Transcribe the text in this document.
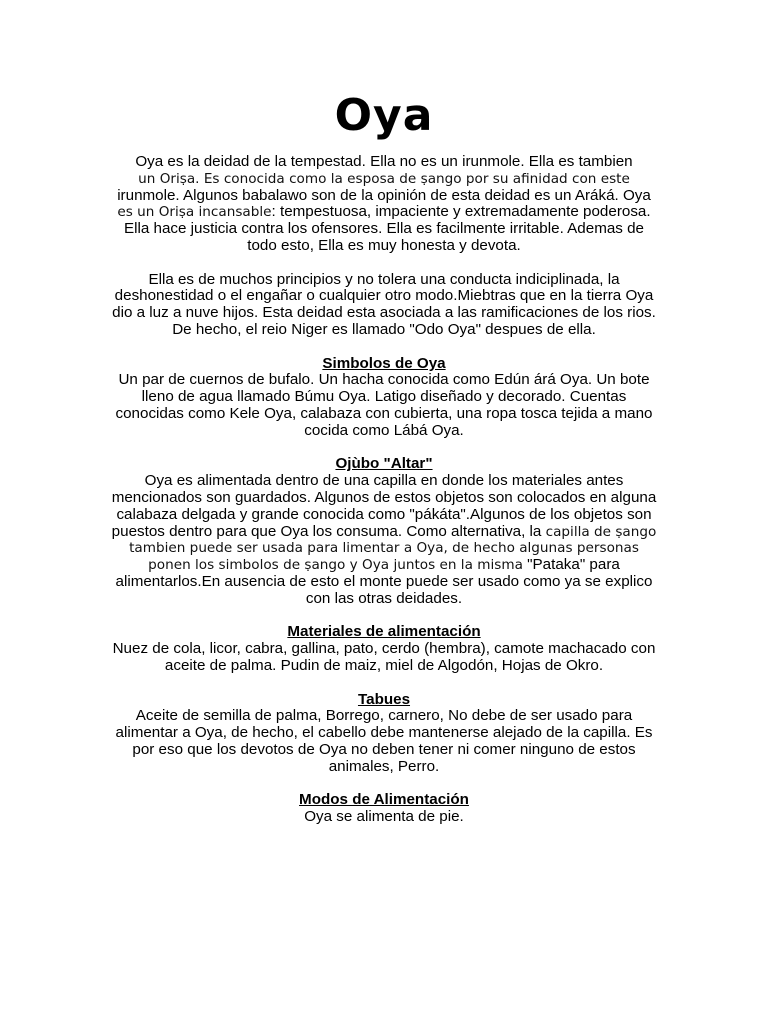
Oya

Oya es la deidad de la tempestad. Ella no es un irunmole. Ella es tambien
un Oriṣa. Es conocida como la esposa de ṣango por su afinidad con este
irunmole. Algunos babalawo son de la opinión de esta deidad es un Aráká. Oya
es un Oriṣa incansable: tempestuosa, impaciente y extremadamente poderosa. Ella hace justicia contra los ofensores. Ella es facilmente irritable. Ademas de todo esto, Ella es muy honesta y devota.

Ella es de muchos principios y no tolera una conducta indiciplinada, la deshonestidad o el engañar o cualquier otro modo.Miebtras que en la tierra Oya dio a luz a nuve hijos. Esta deidad esta asociada a las ramificaciones de los rios. De hecho, el reio Niger es llamado "Odo Oya" despues de ella.

Simbolos de Oya

Un par de cuernos de bufalo. Un hacha conocida como Edún árá Oya. Un bote lleno de agua llamado Búmu Oya. Latigo diseñado y decorado. Cuentas conocidas como Kele Oya, calabaza con cubierta, una ropa tosca tejida a mano cocida como Lábá Oya.

Ojùbo "Altar"

Oya es alimentada dentro de una capilla en donde los materiales antes mencionados son guardados. Algunos de estos objetos son colocados en alguna calabaza delgada y grande conocida como "pákáta".Algunos de los objetos son puestos dentro para que Oya los consuma. Como alternativa, la capilla de ṣango tambien puede ser usada para limentar a Oya, de hecho algunas personas ponen los simbolos de ṣango y Oya juntos en la misma "Pataka" para alimentarlos.En ausencia de esto el monte puede ser usado como ya se explico con las otras deidades.

Materiales de alimentación

Nuez de cola, licor, cabra, gallina, pato, cerdo (hembra), camote machacado con aceite de palma. Pudin de maiz, miel de Algodón, Hojas de Okro.

Tabues

Aceite de semilla de palma, Borrego, carnero, No debe de ser usado para alimentar a Oya, de hecho, el cabello debe mantenerse alejado de la capilla. Es por eso que los devotos de Oya no deben tener ni comer ninguno de estos animales, Perro.

Modos de Alimentación

Oya se alimenta de pie.
